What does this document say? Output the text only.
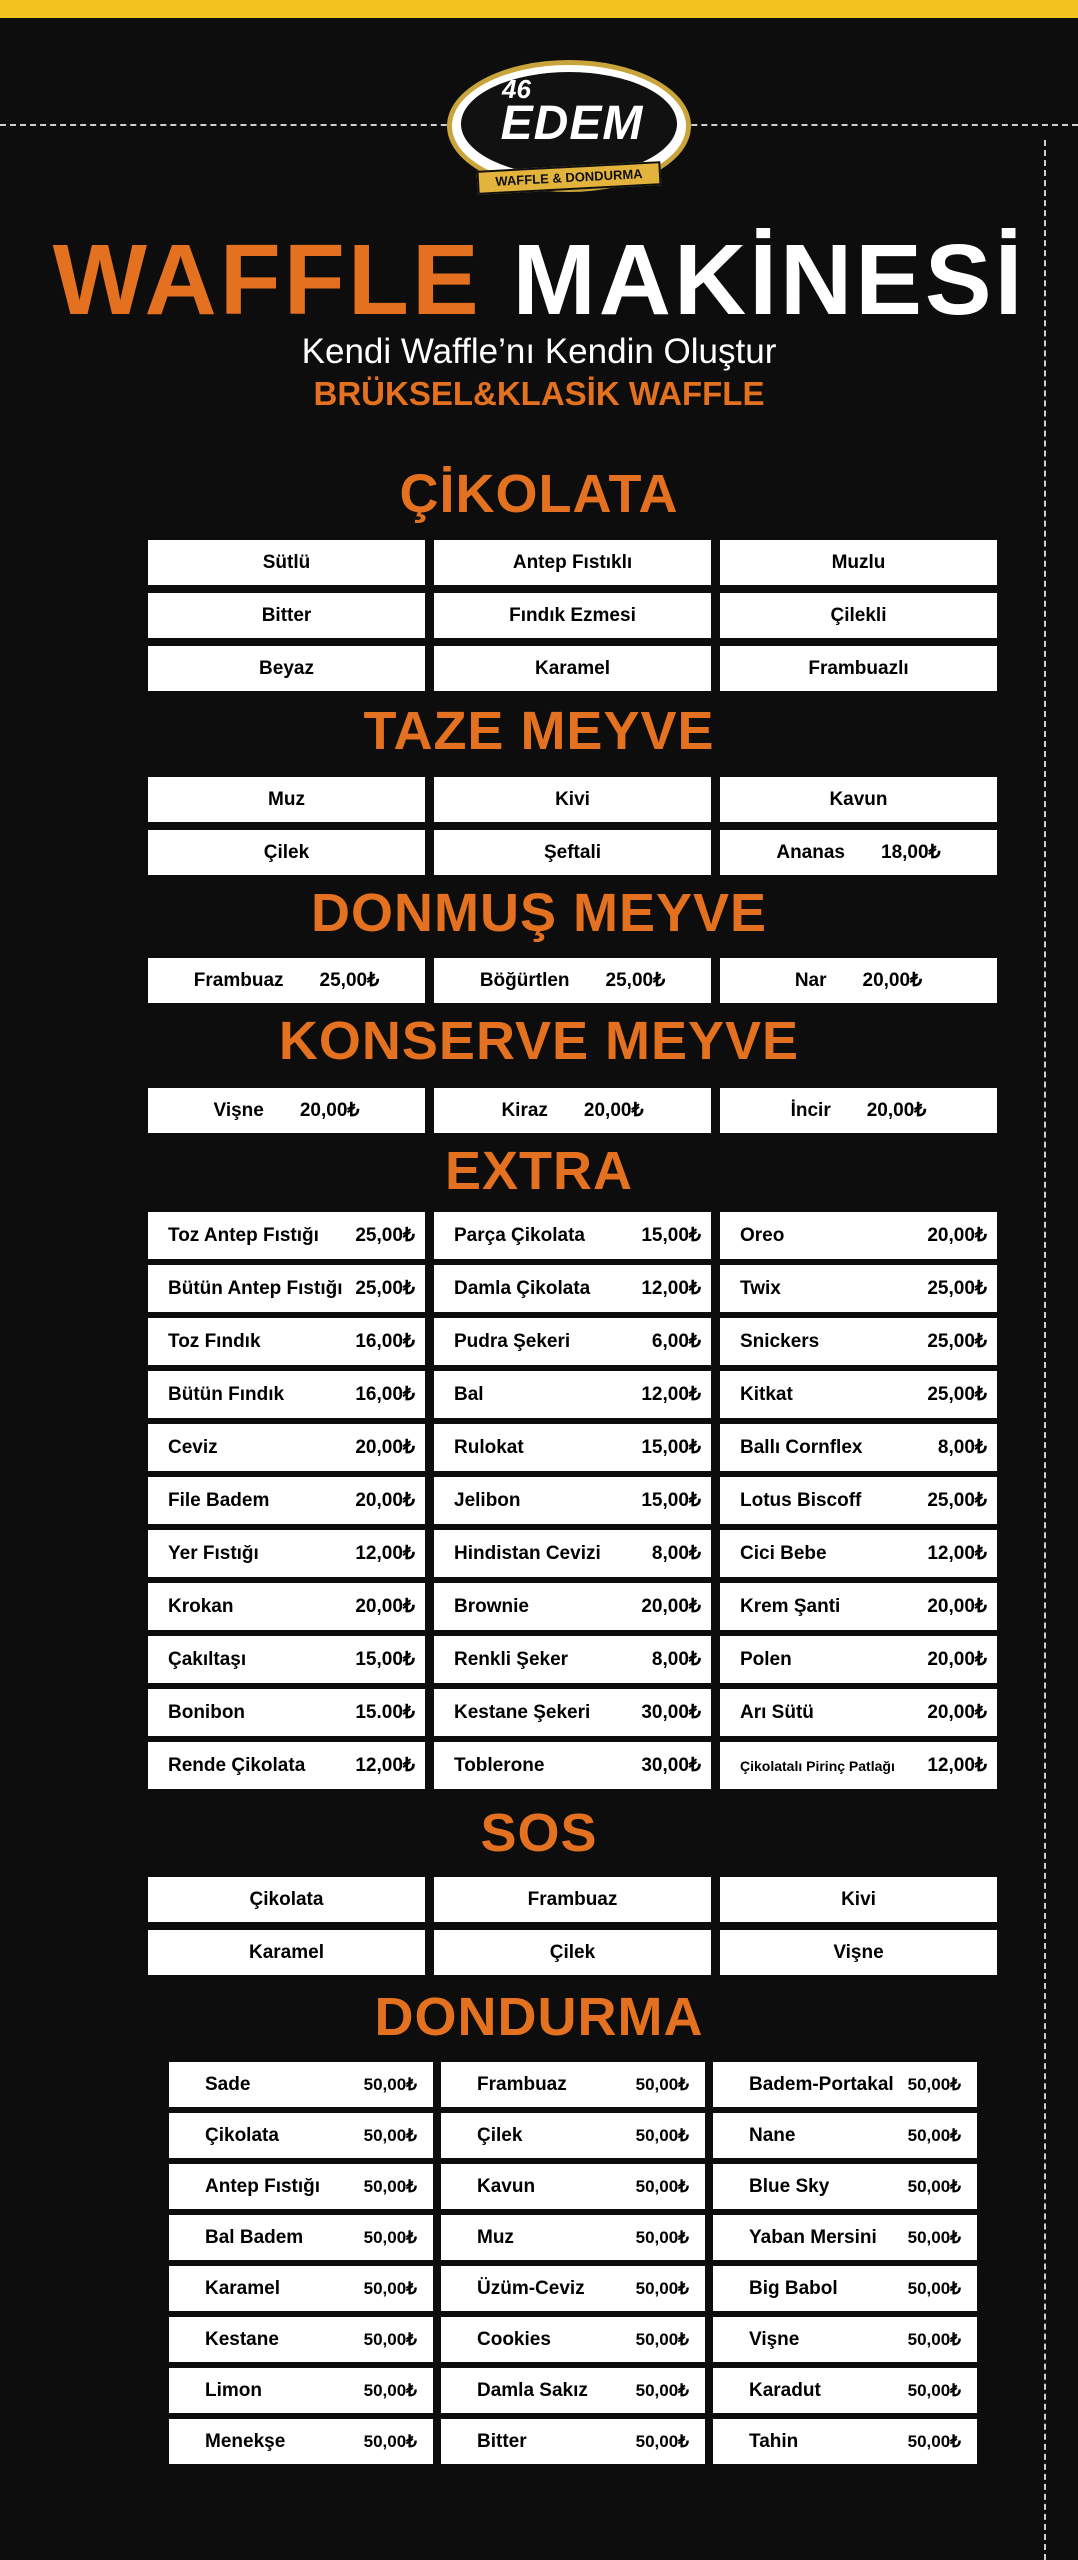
46
EDEM
WAFFLE & DONDURMA
WAFFLE MAKİNESİ
Kendi Waffle’nı Kendin Oluştur
BRÜKSEL&KLASİK WAFFLE
ÇİKOLATA
Sütlü	Antep Fıstıklı	Muzlu
Bitter	Fındık Ezmesi	Çilekli
Beyaz	Karamel	Frambuazlı
TAZE MEYVE
Muz	Kivi	Kavun
Çilek	Şeftali	Ananas 18,00₺
DONMUŞ MEYVE
Frambuaz 25,00₺	Böğürtlen 25,00₺	Nar 20,00₺
KONSERVE MEYVE
Vişne 20,00₺	Kiraz 20,00₺	İncir 20,00₺
EXTRA
Toz Antep Fıstığı 25,00₺ Parça Çikolata	15,00₺ Oreo	20,00₺
Bütün Antep Fıstığı 25,00₺ Damla Çikolata	12,00₺ Twix	25,00₺
Toz Fındık	16,00₺ Pudra Şekeri	6,00₺ Snickers	25,00₺
Bütün Fındık	16,00₺ Bal	12,00₺ Kitkat	25,00₺
Ceviz	20,00₺ Rulokat	15,00₺ Ballı Cornflex	8,00₺
File Badem	20,00₺ Jelibon	15,00₺ Lotus Biscoff	25,00₺
Yer Fıstığı	12,00₺ Hindistan Cevizi	8,00₺ Cici Bebe	12,00₺
Krokan	20,00₺ Brownie	20,00₺ Krem Şanti	20,00₺
Çakıltaşı	15,00₺ Renkli Şeker	8,00₺ Polen	20,00₺
Bonibon	15.00₺ Kestane Şekeri	30,00₺ Arı Sütü	20,00₺
Rende Çikolata	12,00₺ Toblerone	30,00₺	Çikolatalı Pirinç Patlağı 12,00₺
SOS
Çikolata	Frambuaz	Kivi
Karamel	Çilek	Vişne
DONDURMA
Sade	50,00₺	Frambuaz	50,00₺	Badem-Portakal 50,00₺
Çikolata	50,00₺	Çilek	50,00₺	Nane	50,00₺
Antep Fıstığı	50,00₺	Kavun	50,00₺	Blue Sky	50,00₺
Bal Badem	50,00₺	Muz	50,00₺	Yaban Mersini 50,00₺
Karamel	50,00₺	Üzüm-Ceviz	50,00₺	Big Babol	50,00₺
Kestane	50,00₺	Cookies	50,00₺	Vişne	50,00₺
Limon	50,00₺	Damla Sakız	50,00₺	Karadut	50,00₺
Menekşe	50,00₺	Bitter	50,00₺	Tahin	50,00₺
